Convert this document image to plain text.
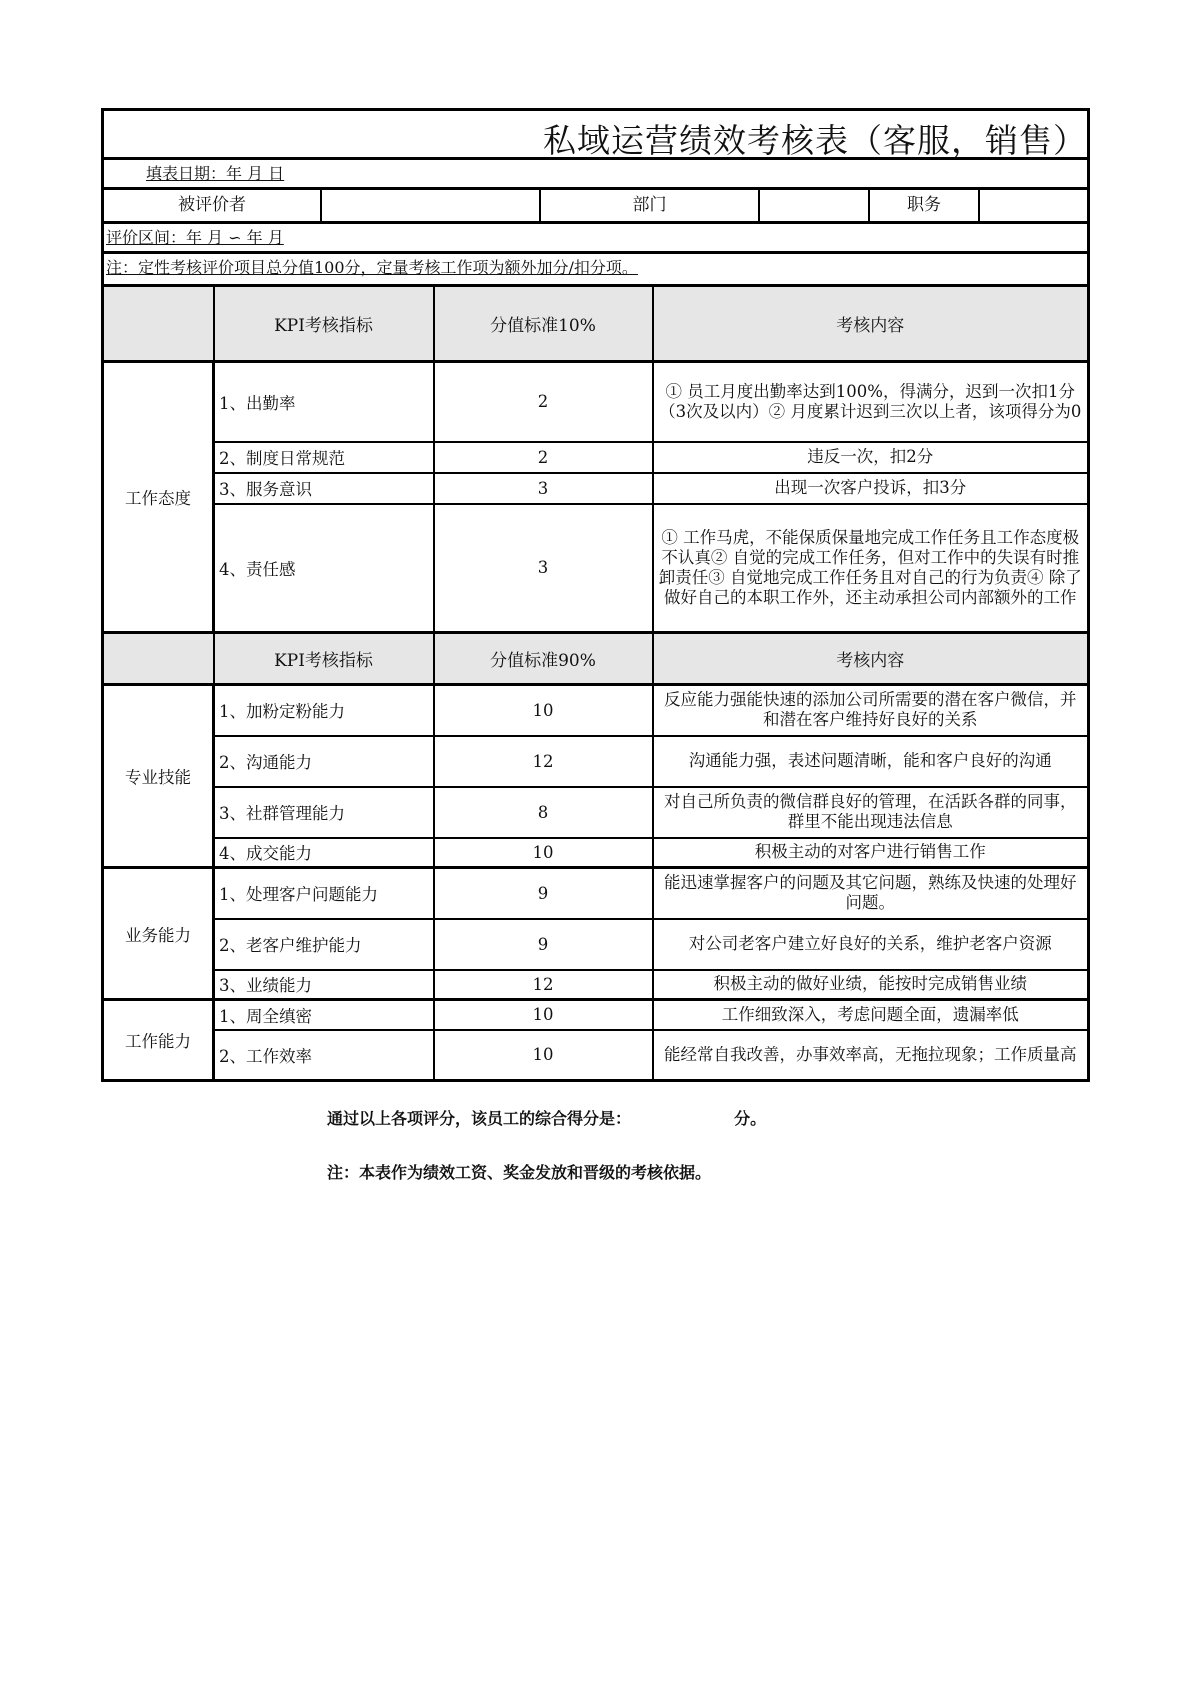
私域运营绩效考核表（客服，销售）
填表日期：年 月 日
被评价者	部门	职务
评价区间：年 月 ∽ 年 月
注：定性考核评价项目总分值100分，定量考核工作项为额外加分/扣分项。
	KPI考核指标	分值标准10%	考核内容
工作态度	1、出勤率	2	① 员工月度出勤率达到100%，得满分，迟到一次扣1分（3次及以内）② 月度累计迟到三次以上者，该项得分为0
	2、制度日常规范	2	违反一次，扣2分
	3、服务意识	3	出现一次客户投诉，扣3分
	4、责任感	3	① 工作马虎，不能保质保量地完成工作任务且工作态度极不认真② 自觉的完成工作任务，但对工作中的失误有时推卸责任③ 自觉地完成工作任务且对自己的行为负责④ 除了做好自己的本职工作外，还主动承担公司内部额外的工作
	KPI考核指标	分值标准90%	考核内容
专业技能	1、加粉定粉能力	10	反应能力强能快速的添加公司所需要的潜在客户微信，并和潜在客户维持好良好的关系
	2、沟通能力	12	沟通能力强，表述问题清晰，能和客户良好的沟通
	3、社群管理能力	8	对自己所负责的微信群良好的管理，在活跃各群的同事，群里不能出现违法信息
	4、成交能力	10	积极主动的对客户进行销售工作
业务能力	1、处理客户问题能力	9	能迅速掌握客户的问题及其它问题，熟练及快速的处理好问题。
	2、老客户维护能力	9	对公司老客户建立好良好的关系，维护老客户资源
	3、业绩能力	12	积极主动的做好业绩，能按时完成销售业绩
工作能力	1、周全缜密	10	工作细致深入，考虑问题全面，遗漏率低
	2、工作效率	10	能经常自我改善，办事效率高，无拖拉现象；工作质量高
通过以上各项评分，该员工的综合得分是：	分。
注：本表作为绩效工资、奖金发放和晋级的考核依据。
